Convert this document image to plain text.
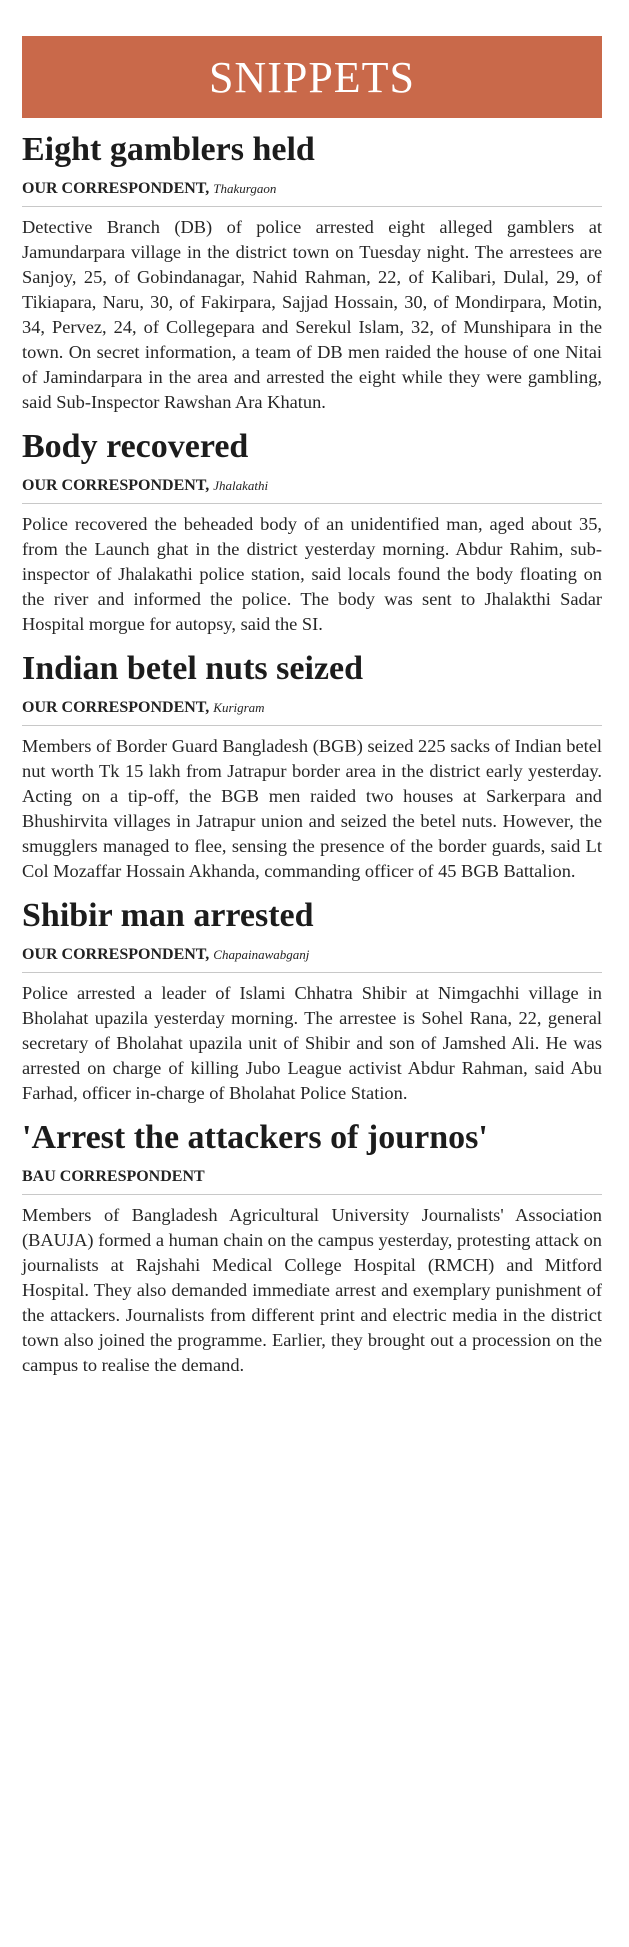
SNIPPETS
Eight gamblers held
OUR CORRESPONDENT, Thakurgaon

Detective Branch (DB) of police arrested eight alleged gamblers at Jamundarpara village in the district town on Tuesday night. The arrestees are Sanjoy, 25, of Gobindanagar, Nahid Rahman, 22, of Kalibari, Dulal, 29, of Tikiapara, Naru, 30, of Fakirpara, Sajjad Hossain, 30, of Mondirpara, Motin, 34, Pervez, 24, of Collegepara and Serekul Islam, 32, of Munshipara in the town. On secret information, a team of DB men raided the house of one Nitai of Jamindarpara in the area and arrested the eight while they were gambling, said Sub-Inspector Rawshan Ara Khatun.

Body recovered
OUR CORRESPONDENT, Jhalakathi

Police recovered the beheaded body of an unidentified man, aged about 35, from the Launch ghat in the district yesterday morning. Abdur Rahim, sub-inspector of Jhalakathi police station, said locals found the body floating on the river and informed the police. The body was sent to Jhalakthi Sadar Hospital morgue for autopsy, said the SI.

Indian betel nuts seized
OUR CORRESPONDENT, Kurigram

Members of Border Guard Bangladesh (BGB) seized 225 sacks of Indian betel nut worth Tk 15 lakh from Jatrapur border area in the district early yesterday. Acting on a tip-off, the BGB men raided two houses at Sarkerpara and Bhushirvita villages in Jatrapur union and seized the betel nuts. However, the smugglers managed to flee, sensing the presence of the border guards, said Lt Col Mozaffar Hossain Akhanda, commanding officer of 45 BGB Battalion.

Shibir man arrested
OUR CORRESPONDENT, Chapainawabganj

Police arrested a leader of Islami Chhatra Shibir at Nimgachhi village in Bholahat upazila yesterday morning. The arrestee is Sohel Rana, 22, general secretary of Bholahat upazila unit of Shibir and son of Jamshed Ali. He was arrested on charge of killing Jubo League activist Abdur Rahman, said Abu Farhad, officer in-charge of Bholahat Police Station.

'Arrest the attackers of journos'
BAU CORRESPONDENT

Members of Bangladesh Agricultural University Journalists' Association (BAUJA) formed a human chain on the campus yesterday, protesting attack on journalists at Rajshahi Medical College Hospital (RMCH) and Mitford Hospital. They also demanded immediate arrest and exemplary punishment of the attackers. Journalists from different print and electric media in the district town also joined the programme. Earlier, they brought out a procession on the campus to realise the demand.
